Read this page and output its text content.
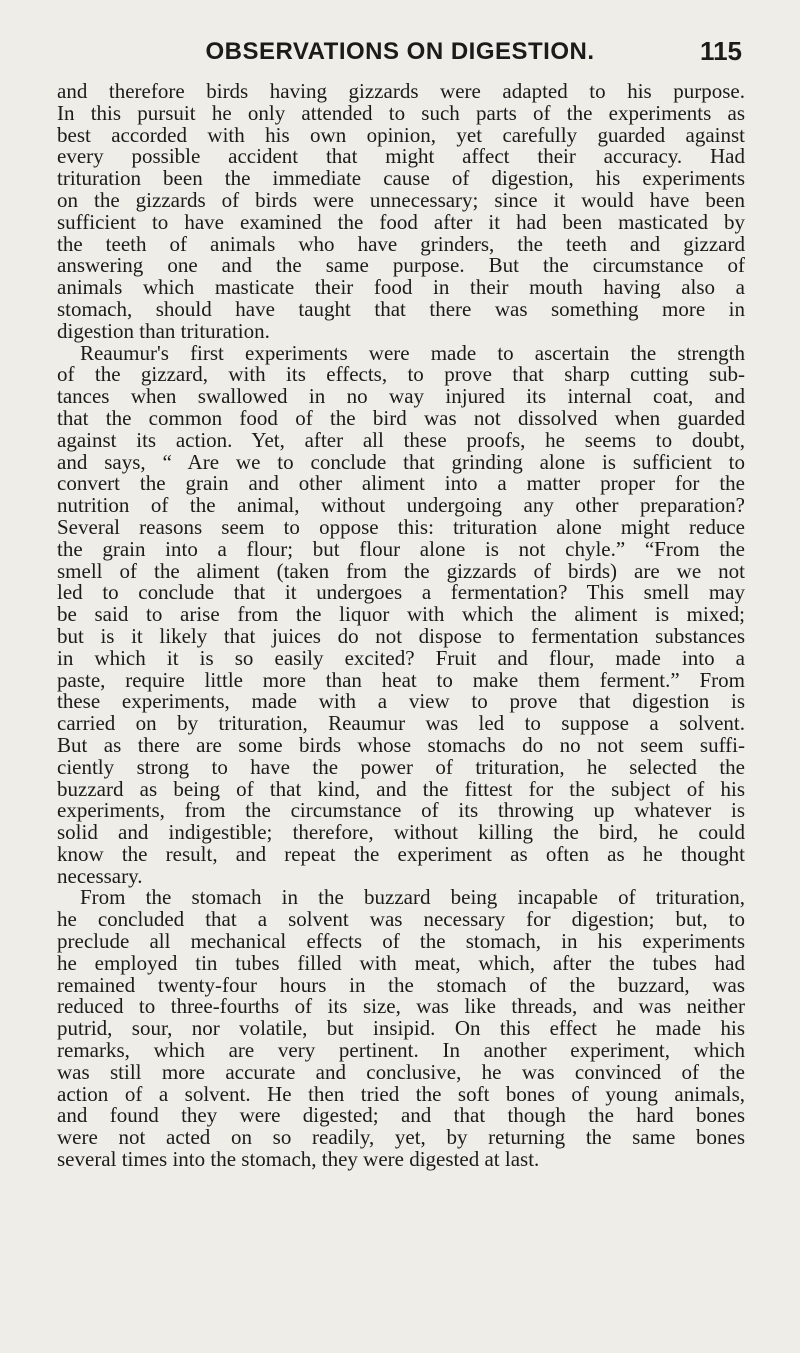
OBSERVATIONS ON DIGESTION.	115
and therefore birds having gizzards were adapted to his purpose.
In this pursuit he only attended to such parts of the experiments as
best accorded with his own opinion, yet carefully guarded against
every possible accident that might affect their accuracy. Had
trituration been the immediate cause of digestion, his experiments
on the gizzards of birds were unnecessary; since it would have been
sufficient to have examined the food after it had been masticated by
the teeth of animals who have grinders, the teeth and gizzard
answering one and the same purpose. But the circumstance of
animals which masticate their food in their mouth having also a
stomach, should have taught that there was something more in
digestion than trituration.
Reaumur's first experiments were made to ascertain the strength
of the gizzard, with its effects, to prove that sharp cutting sub-
tances when swallowed in no way injured its internal coat, and
that the common food of the bird was not dissolved when guarded
against its action. Yet, after all these proofs, he seems to doubt,
and says, “ Are we to conclude that grinding alone is sufficient to
convert the grain and other aliment into a matter proper for the
nutrition of the animal, without undergoing any other preparation?
Several reasons seem to oppose this: trituration alone might reduce
the grain into a flour; but flour alone is not chyle.” “From the
smell of the aliment (taken from the gizzards of birds) are we not
led to conclude that it undergoes a fermentation? This smell may
be said to arise from the liquor with which the aliment is mixed;
but is it likely that juices do not dispose to fermentation substances
in which it is so easily excited? Fruit and flour, made into a
paste, require little more than heat to make them ferment.” From
these experiments, made with a view to prove that digestion is
carried on by trituration, Reaumur was led to suppose a solvent.
But as there are some birds whose stomachs do no not seem suffi-
ciently strong to have the power of trituration, he selected the
buzzard as being of that kind, and the fittest for the subject of his
experiments, from the circumstance of its throwing up whatever is
solid and indigestible; therefore, without killing the bird, he could
know the result, and repeat the experiment as often as he thought
necessary.
From the stomach in the buzzard being incapable of trituration,
he concluded that a solvent was necessary for digestion; but, to
preclude all mechanical effects of the stomach, in his experiments
he employed tin tubes filled with meat, which, after the tubes had
remained twenty-four hours in the stomach of the buzzard, was
reduced to three-fourths of its size, was like threads, and was neither
putrid, sour, nor volatile, but insipid. On this effect he made his
remarks, which are very pertinent. In another experiment, which
was still more accurate and conclusive, he was convinced of the
action of a solvent. He then tried the soft bones of young animals,
and found they were digested; and that though the hard bones
were not acted on so readily, yet, by returning the same bones
several times into the stomach, they were digested at last.
